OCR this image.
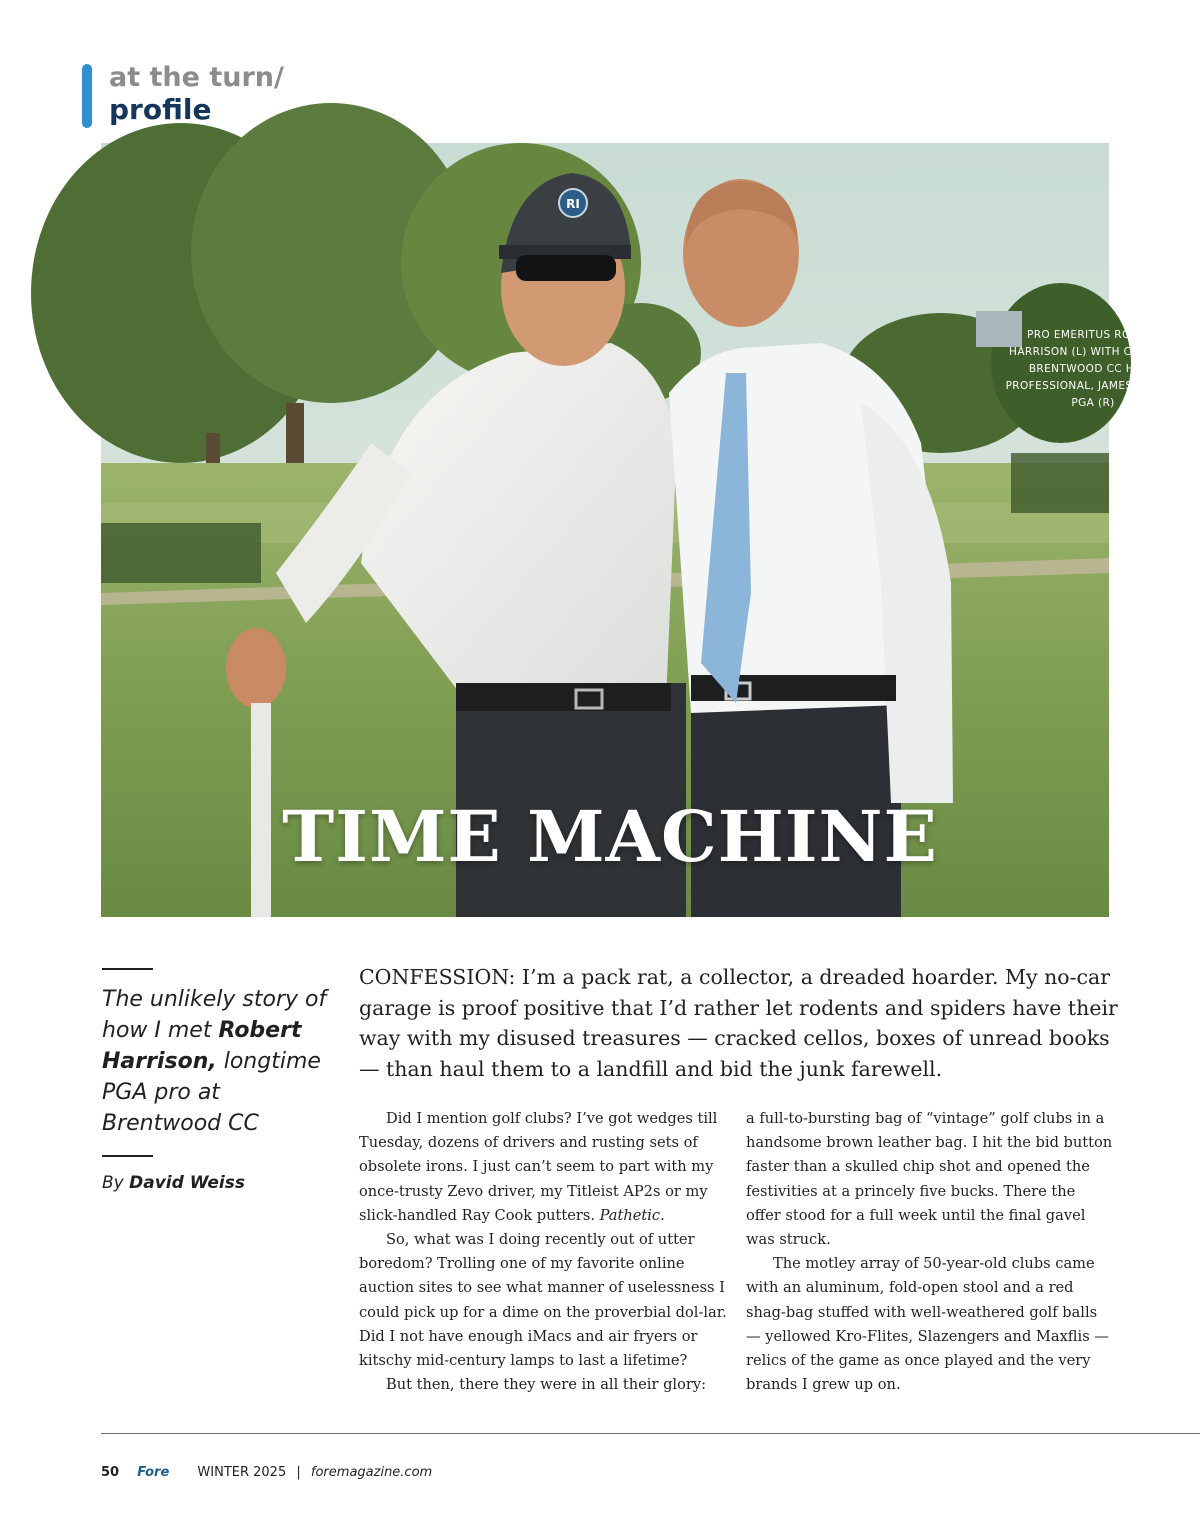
at the turn/
profile
RI
PRO EMERITUS ROBERT HARRISON (L) WITH CURRENT BRENTWOOD CC HEAD PROFESSIONAL, JAMES ROCCO, PGA (R)
TIME MACHINE
The unlikely story of how I met Robert Harrison, longtime PGA pro at Brentwood CC
By David Weiss
CONFESSION: I’m a pack rat, a collector, a dreaded hoarder. My no-car garage is proof positive that I’d rather let rodents and spiders have their way with my disused treasures — cracked cellos, boxes of unread books — than haul them to a landfill and bid the junk farewell.

Did I mention golf clubs? I’ve got wedges till Tuesday, dozens of drivers and rusting sets of obsolete irons. I just can’t seem to part with my once-trusty Zevo driver, my Titleist AP2s or my slick-handled Ray Cook putters. Pathetic.

So, what was I doing recently out of utter boredom? Trolling one of my favorite online auction sites to see what manner of uselessness I could pick up for a dime on the proverbial dol-lar. Did I not have enough iMacs and air fryers or kitschy mid-century lamps to last a lifetime?

But then, there they were in all their glory:

a full-to-bursting bag of “vintage” golf clubs in a handsome brown leather bag. I hit the bid button faster than a skulled chip shot and opened the festivities at a princely five bucks. There the offer stood for a full week until the final gavel was struck.

The motley array of 50-year-old clubs came with an aluminum, fold-open stool and a red shag-bag stuffed with well-weathered golf balls — yellowed Kro-Flites, Slazengers and Maxflis — relics of the game as once played and the very brands I grew up on.

50 Fore WINTER 2025 | foremagazine.com
